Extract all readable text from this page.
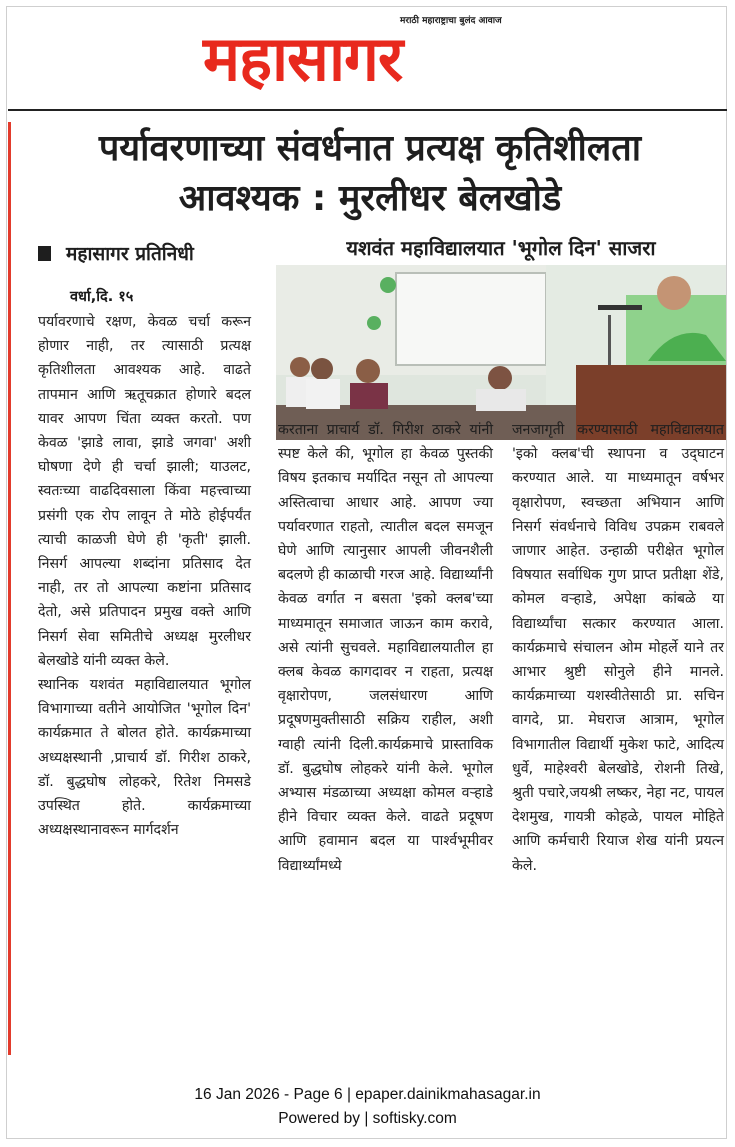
मराठी महाराष्ट्राचा बुलंद आवाज
महासागर
पर्यावरणाच्या संवर्धनात प्रत्यक्ष कृतिशीलता
आवश्यक : मुरलीधर बेलखोडे
महासागर प्रतिनिधी	यशवंत महाविद्यालयात 'भूगोल दिन' साजरा
वर्धा,दि. १५

पर्यावरणाचे रक्षण, केवळ चर्चा करून होणार नाही, तर त्यासाठी प्रत्यक्ष कृतिशीलता आवश्यक आहे. वाढते तापमान आणि ऋतूचक्रात होणारे बदल यावर आपण चिंता व्यक्त करतो. पण केवळ 'झाडे लावा, झाडे जगवा' अशी घोषणा देणे ही चर्चा झाली; याउलट, स्वतःच्या वाढदिवसाला किंवा महत्त्वाच्या प्रसंगी एक रोप लावून ते मोठे होईपर्यंत त्याची काळजी घेणे ही 'कृती' झाली. निसर्ग आपल्या शब्दांना प्रतिसाद देत नाही, तर तो आपल्या कष्टांना प्रतिसाद देतो, असे प्रतिपादन प्रमुख वक्ते आणि निसर्ग सेवा समितीचे अध्यक्ष मुरलीधर बेलखोडे यांनी व्यक्त केले.

स्थानिक यशवंत महाविद्यालयात भूगोल विभागाच्या वतीने आयोजित 'भूगोल दिन' कार्यक्रमात ते बोलत होते. कार्यक्रमाच्या अध्यक्षस्थानी ,प्राचार्य डॉ. गिरीश ठाकरे, डॉ. बुद्धघोष लोहकरे, रितेश निमसडे उपस्थित होते. कार्यक्रमाच्या अध्यक्षस्थानावरून मार्गदर्शन

करताना प्राचार्य डॉ. गिरीश ठाकरे यांनी स्पष्ट केले की, भूगोल हा केवळ पुस्तकी विषय इतकाच मर्यादित नसून तो आपल्या अस्तित्वाचा आधार आहे. आपण ज्या पर्यावरणात राहतो, त्यातील बदल समजून घेणे आणि त्यानुसार आपली जीवनशैली बदलणे ही काळाची गरज आहे. विद्यार्थ्यांनी केवळ वर्गात न बसता 'इको क्लब'च्या माध्यमातून समाजात जाऊन काम करावे, असे त्यांनी सुचवले. महाविद्यालयातील हा क्लब केवळ कागदावर न राहता, प्रत्यक्ष वृक्षारोपण, जलसंधारण आणि प्रदूषणमुक्तीसाठी सक्रिय राहील, अशी ग्वाही त्यांनी दिली.कार्यक्रमाचे प्रास्ताविक डॉ. बुद्धघोष लोहकरे यांनी केले. भूगोल अभ्यास मंडळाच्या अध्यक्षा कोमल वऱ्हाडे हीने विचार व्यक्त केले. वाढते प्रदूषण आणि हवामान बदल या पार्श्वभूमीवर विद्यार्थ्यांमध्ये

जनजागृती करण्यासाठी महाविद्यालयात 'इको क्लब'ची स्थापना व उद्‌घाटन करण्यात आले. या माध्यमातून वर्षभर वृक्षारोपण, स्वच्छता अभियान आणि निसर्ग संवर्धनाचे विविध उपक्रम राबवले जाणार आहेत. उन्हाळी परीक्षेत भूगोल विषयात सर्वाधिक गुण प्राप्त प्रतीक्षा शेंडे, कोमल वऱ्हाडे, अपेक्षा कांबळे या विद्यार्थ्यांचा सत्कार करण्यात आला. कार्यक्रमाचे संचालन ओम मोहर्ले याने तर आभार श्रुष्टी सोनुले हीने मानले. कार्यक्रमाच्या यशस्वीतेसाठी प्रा. सचिन वागदे, प्रा. मेघराज आत्राम, भूगोल विभागातील विद्यार्थी मुकेश फाटे, आदित्य धुर्वे, माहेश्वरी बेलखोडे, रोशनी तिखे, श्रुती पचारे,जयश्री लष्कर, नेहा नट, पायल देशमुख, गायत्री कोहळे, पायल मोहिते आणि कर्मचारी रियाज शेख यांनी प्रयत्न केले.

16 Jan 2026 - Page 6 | epaper.dainikmahasagar.in
Powered by | softisky.com
